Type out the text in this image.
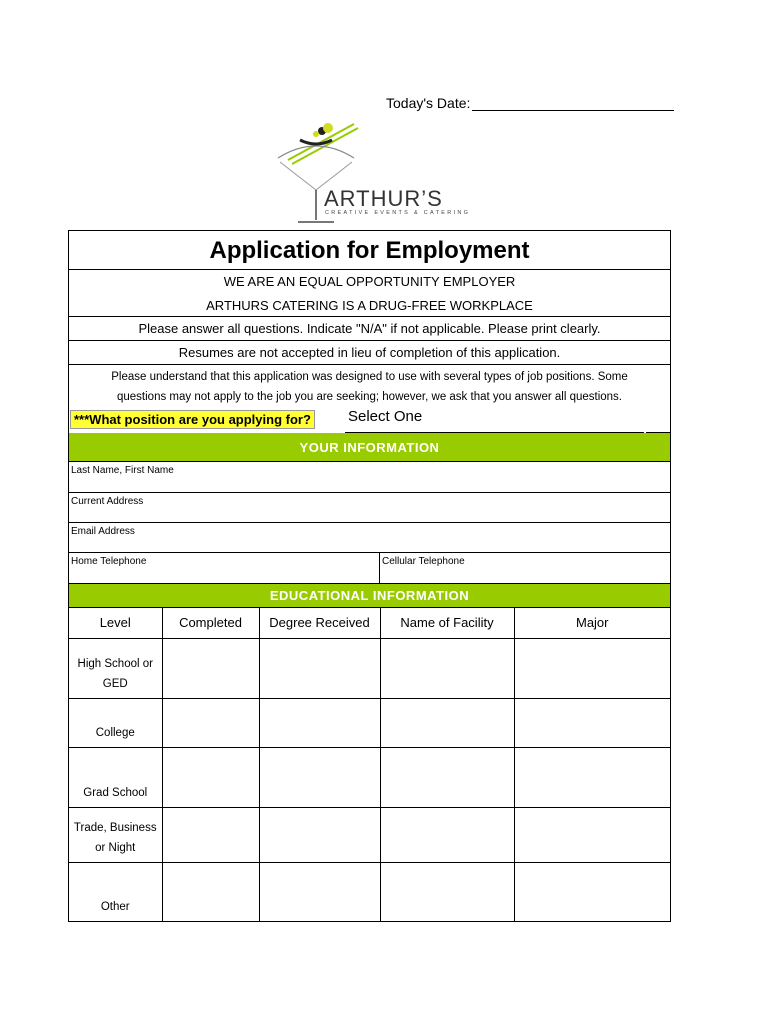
Today's Date:
ARTHUR’S
CREATIVE EVENTS & CATERING
Application for Employment
WE ARE AN EQUAL OPPORTUNITY EMPLOYER
ARTHURS CATERING IS A DRUG-FREE WORKPLACE
Please answer all questions. Indicate "N/A" if not applicable. Please print clearly.
Resumes are not accepted in lieu of completion of this application.
Please understand that this application was designed to use with several types of job positions. Some
questions may not apply to the job you are seeking; however, we ask that you answer all questions.
***What position are you applying for? Select One
YOUR INFORMATION
Last Name, First Name
Current Address
Email Address
Home Telephone	Cellular Telephone
EDUCATIONAL INFORMATION
Level	Completed	Degree Received	Name of Facility	Major

High School or
GED				

College				

Grad School				

Trade, Business
or Night				

Other				
